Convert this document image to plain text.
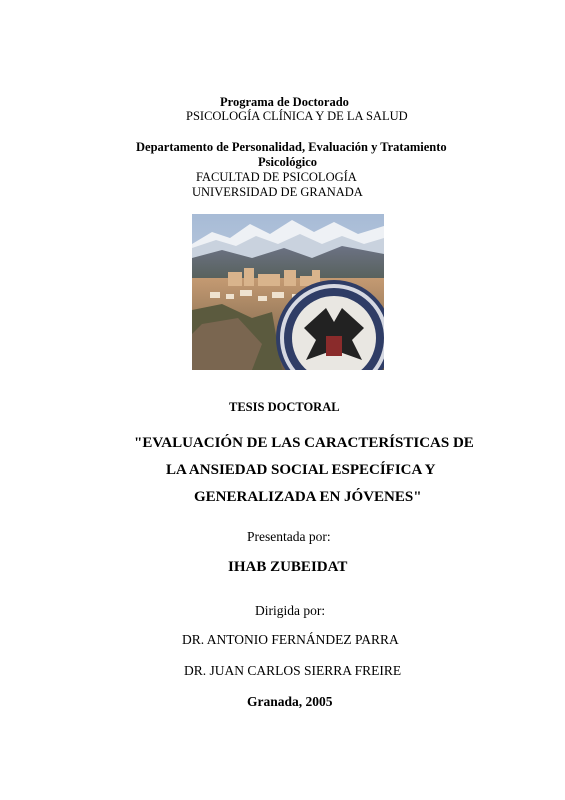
Programa de Doctorado
PSICOLOGÍA CLÍNICA Y DE LA SALUD
Departamento de Personalidad, Evaluación y Tratamiento
Psicológico
FACULTAD DE PSICOLOGÍA
UNIVERSIDAD DE GRANADA
TESIS DOCTORAL
"EVALUACIÓN DE LAS CARACTERÍSTICAS DE
LA ANSIEDAD SOCIAL ESPECÍFICA Y
GENERALIZADA EN JÓVENES"
Presentada por:
IHAB ZUBEIDAT
Dirigida por:
DR. ANTONIO FERNÁNDEZ PARRA
DR. JUAN CARLOS SIERRA FREIRE
Granada, 2005
